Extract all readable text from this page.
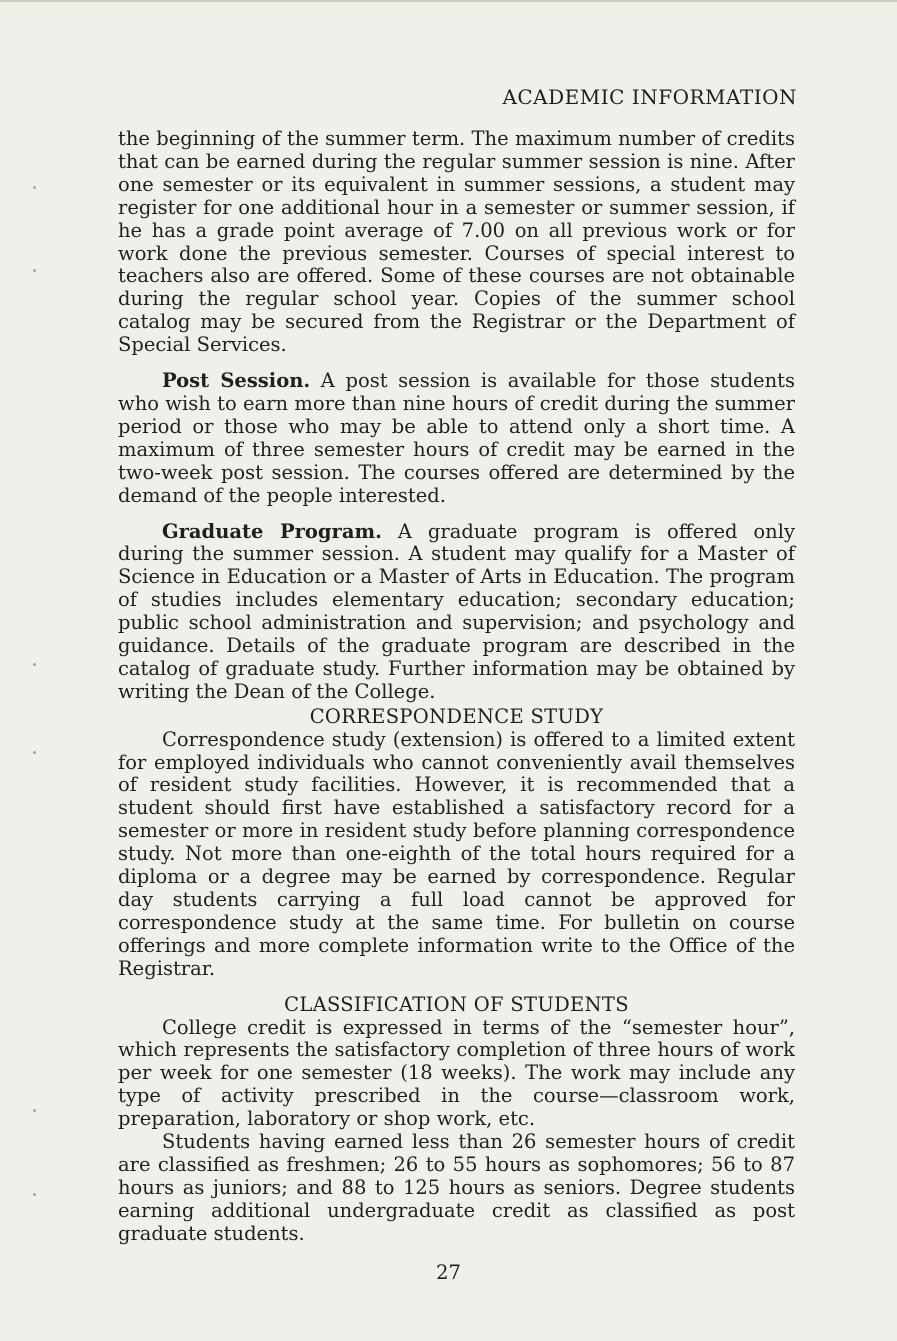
ACADEMIC INFORMATION

the beginning of the summer term. The maximum number of credits that can be earned during the regular summer session is nine. After one semester or its equivalent in summer sessions, a student may register for one additional hour in a semester or summer session, if he has a grade point average of 7.00 on all previous work or for work done the previous semester. Courses of special interest to teachers also are offered. Some of these courses are not obtainable during the regular school year. Copies of the summer school catalog may be secured from the Registrar or the Department of Special Services.

Post Session. A post session is available for those students who wish to earn more than nine hours of credit during the summer period or those who may be able to attend only a short time. A maximum of three semester hours of credit may be earned in the two-week post session. The courses offered are determined by the demand of the people interested.

Graduate Program. A graduate program is offered only during the summer session. A student may qualify for a Master of Science in Education or a Master of Arts in Education. The program of studies includes elementary education; secondary education; public school administration and supervision; and psychology and guidance. Details of the graduate program are described in the catalog of graduate study. Further information may be obtained by writing the Dean of the College.

CORRESPONDENCE STUDY

Correspondence study (extension) is offered to a limited extent for employed individuals who cannot conveniently avail themselves of resident study facilities. However, it is recommended that a student should first have established a satisfactory record for a semester or more in resident study before planning correspondence study. Not more than one-eighth of the total hours required for a diploma or a degree may be earned by correspondence. Regular day students carrying a full load cannot be approved for correspondence study at the same time. For bulletin on course offerings and more complete information write to the Office of the Registrar.

CLASSIFICATION OF STUDENTS

College credit is expressed in terms of the “semester hour”, which represents the satisfactory completion of three hours of work per week for one semester (18 weeks). The work may include any type of activity prescribed in the course—classroom work, preparation, laboratory or shop work, etc.

Students having earned less than 26 semester hours of credit are classified as freshmen; 26 to 55 hours as sophomores; 56 to 87 hours as juniors; and 88 to 125 hours as seniors. Degree students earning additional undergraduate credit as classified as post graduate students.

27
